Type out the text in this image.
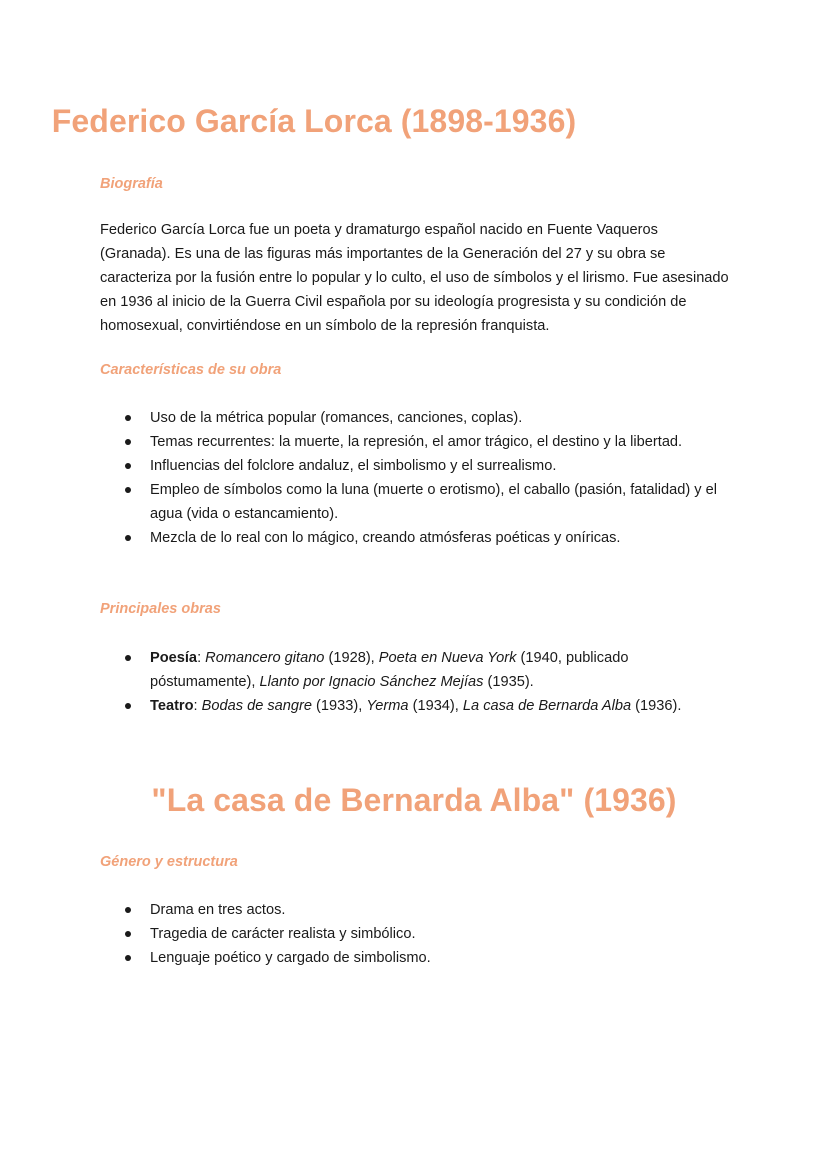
Federico García Lorca (1898-1936)
Biografía

Federico García Lorca fue un poeta y dramaturgo español nacido en Fuente Vaqueros (Granada). Es una de las figuras más importantes de la Generación del 27 y su obra se caracteriza por la fusión entre lo popular y lo culto, el uso de símbolos y el lirismo. Fue asesinado en 1936 al inicio de la Guerra Civil española por su ideología progresista y su condición de homosexual, convirtiéndose en un símbolo de la represión franquista.

Características de su obra
Uso de la métrica popular (romances, canciones, coplas).
Temas recurrentes: la muerte, la represión, el amor trágico, el destino y la libertad.
Influencias del folclore andaluz, el simbolismo y el surrealismo.
Empleo de símbolos como la luna (muerte o erotismo), el caballo (pasión, fatalidad) y el agua (vida o estancamiento).
Mezcla de lo real con lo mágico, creando atmósferas poéticas y oníricas.
Principales obras
Poesía: Romancero gitano (1928), Poeta en Nueva York (1940, publicado póstumamente), Llanto por Ignacio Sánchez Mejías (1935).
Teatro: Bodas de sangre (1933), Yerma (1934), La casa de Bernarda Alba (1936).
"La casa de Bernarda Alba" (1936)
Género y estructura
Drama en tres actos.
Tragedia de carácter realista y simbólico.
Lenguaje poético y cargado de simbolismo.
